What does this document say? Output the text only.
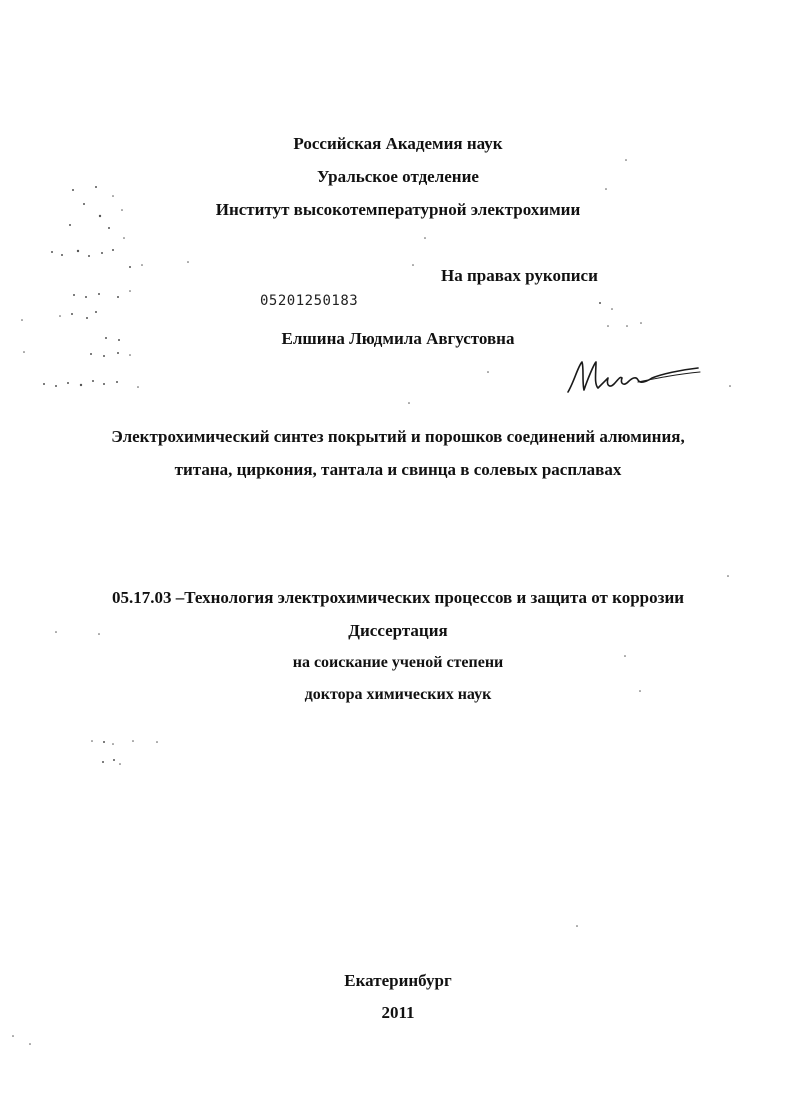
Российская Академия наук
Уральское отделение
Институт высокотемпературной электрохимии
На правах рукописи
05201250183
Елшина Людмила Августовна
Электрохимический синтез покрытий и порошков соединений алюминия,
титана, циркония, тантала и свинца в солевых расплавах
05.17.03 –Технология электрохимических процессов и защита от коррозии
Диссертация
на соискание ученой степени
доктора химических наук
Екатеринбург
2011
